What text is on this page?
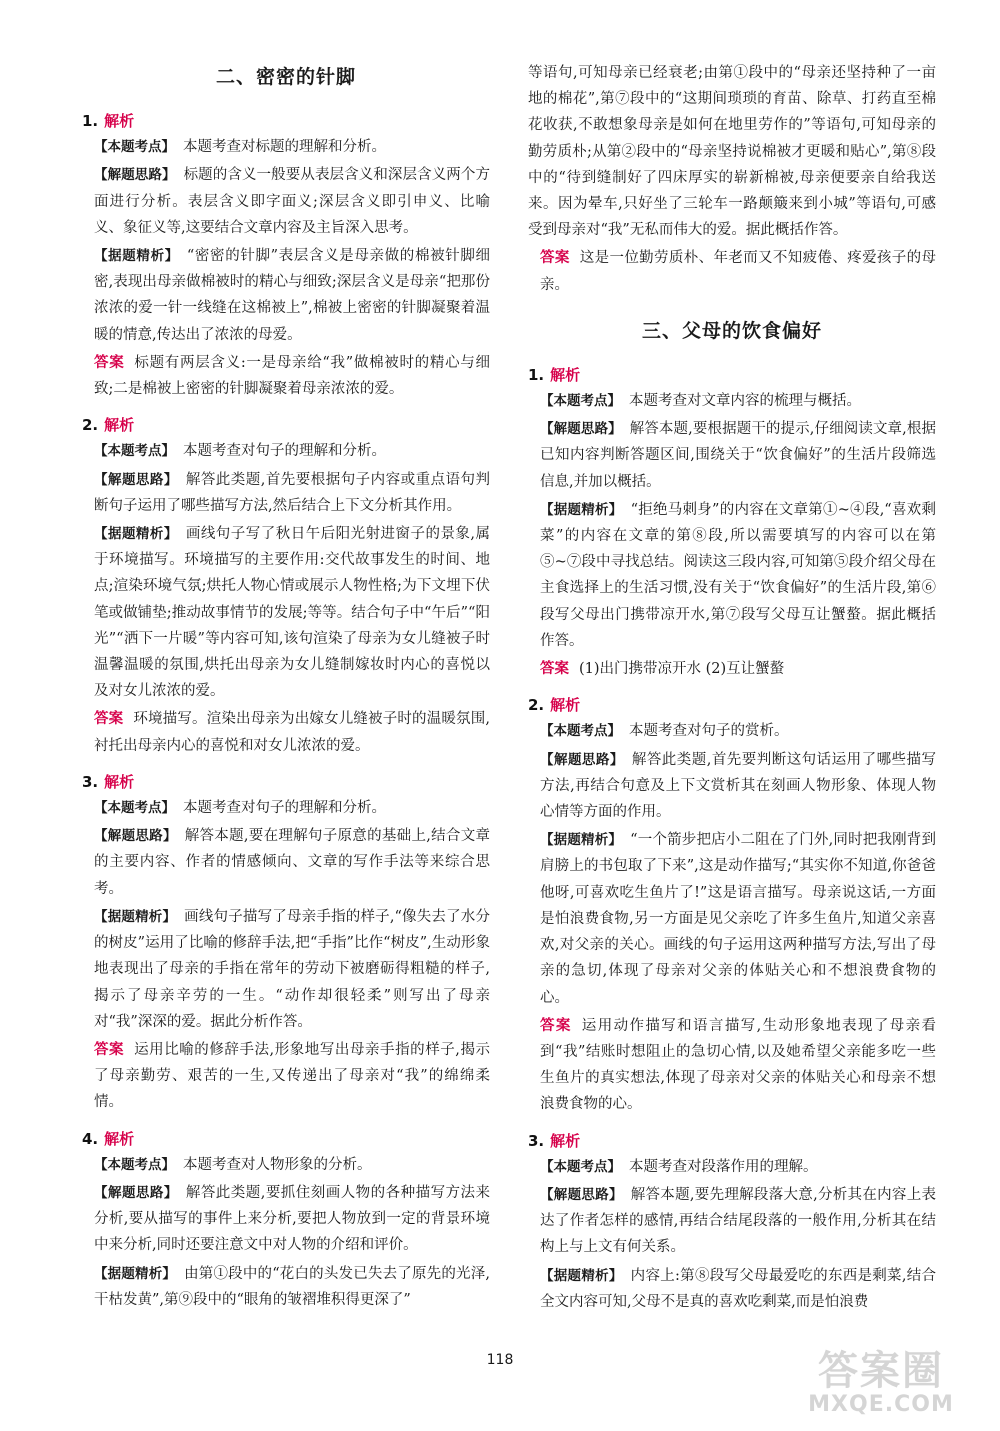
二、密密的针脚
1. 解析
【本题考点】 本题考查对标题的理解和分析。
【解题思路】 标题的含义一般要从表层含义和深层含义两个方面进行分析。表层含义即字面义;深层含义即引申义、比喻义、象征义等,这要结合文章内容及主旨深入思考。
【据题精析】 “密密的针脚”表层含义是母亲做的棉被针脚细密,表现出母亲做棉被时的精心与细致;深层含义是母亲“把那份浓浓的爱一针一线缝在这棉被上”,棉被上密密的针脚凝聚着温暖的情意,传达出了浓浓的母爱。
答案 标题有两层含义:一是母亲给“我”做棉被时的精心与细致;二是棉被上密密的针脚凝聚着母亲浓浓的爱。
2. 解析
【本题考点】 本题考查对句子的理解和分析。
【解题思路】 解答此类题,首先要根据句子内容或重点语句判断句子运用了哪些描写方法,然后结合上下文分析其作用。
【据题精析】 画线句子写了秋日午后阳光射进窗子的景象,属于环境描写。环境描写的主要作用:交代故事发生的时间、地点;渲染环境气氛;烘托人物心情或展示人物性格;为下文埋下伏笔或做铺垫;推动故事情节的发展;等等。结合句子中“午后”“阳光”“洒下一片暖”等内容可知,该句渲染了母亲为女儿缝被子时温馨温暖的氛围,烘托出母亲为女儿缝制嫁妆时内心的喜悦以及对女儿浓浓的爱。
答案 环境描写。渲染出母亲为出嫁女儿缝被子时的温暖氛围,衬托出母亲内心的喜悦和对女儿浓浓的爱。
3. 解析
【本题考点】 本题考查对句子的理解和分析。
【解题思路】 解答本题,要在理解句子原意的基础上,结合文章的主要内容、作者的情感倾向、文章的写作手法等来综合思考。
【据题精析】 画线句子描写了母亲手指的样子,“像失去了水分的树皮”运用了比喻的修辞手法,把“手指”比作“树皮”,生动形象地表现出了母亲的手指在常年的劳动下被磨砺得粗糙的样子,揭示了母亲辛劳的一生。“动作却很轻柔”则写出了母亲对“我”深深的爱。据此分析作答。
答案 运用比喻的修辞手法,形象地写出母亲手指的样子,揭示了母亲勤劳、艰苦的一生,又传递出了母亲对“我”的绵绵柔情。
4. 解析
【本题考点】 本题考查对人物形象的分析。
【解题思路】 解答此类题,要抓住刻画人物的各种描写方法来分析,要从描写的事件上来分析,要把人物放到一定的背景环境中来分析,同时还要注意文中对人物的介绍和评价。
【据题精析】 由第①段中的“花白的头发已失去了原先的光泽,干枯发黄”,第⑨段中的“眼角的皱褶堆积得更深了”
等语句,可知母亲已经衰老;由第①段中的“母亲还坚持种了一亩地的棉花”,第⑦段中的“这期间琐琐的育苗、除草、打药直至棉花收获,不敢想象母亲是如何在地里劳作的”等语句,可知母亲的勤劳质朴;从第②段中的“母亲坚持说棉被才更暖和贴心”,第⑧段中的“待到缝制好了四床厚实的崭新棉被,母亲便要亲自给我送来。因为晕车,只好坐了三轮车一路颠簸来到小城”等语句,可感受到母亲对“我”无私而伟大的爱。据此概括作答。
答案 这是一位勤劳质朴、年老而又不知疲倦、疼爱孩子的母亲。
三、父母的饮食偏好
1. 解析
【本题考点】 本题考查对文章内容的梳理与概括。
【解题思路】 解答本题,要根据题干的提示,仔细阅读文章,根据已知内容判断答题区间,围绕关于“饮食偏好”的生活片段筛选信息,并加以概括。
【据题精析】 “拒绝马刺身”的内容在文章第①~④段,“喜欢剩菜”的内容在文章的第⑧段,所以需要填写的内容可以在第⑤~⑦段中寻找总结。阅读这三段内容,可知第⑤段介绍父母在主食选择上的生活习惯,没有关于“饮食偏好”的生活片段,第⑥段写父母出门携带凉开水,第⑦段写父母互让蟹螯。据此概括作答。
答案 (1)出门携带凉开水 (2)互让蟹螯
2. 解析
【本题考点】 本题考查对句子的赏析。
【解题思路】 解答此类题,首先要判断这句话运用了哪些描写方法,再结合句意及上下文赏析其在刻画人物形象、体现人物心情等方面的作用。
【据题精析】 “一个箭步把店小二阻在了门外,同时把我刚背到肩膀上的书包取了下来”,这是动作描写;“其实你不知道,你爸爸他呀,可喜欢吃生鱼片了!”这是语言描写。母亲说这话,一方面是怕浪费食物,另一方面是见父亲吃了许多生鱼片,知道父亲喜欢,对父亲的关心。画线的句子运用这两种描写方法,写出了母亲的急切,体现了母亲对父亲的体贴关心和不想浪费食物的心。
答案 运用动作描写和语言描写,生动形象地表现了母亲看到“我”结账时想阻止的急切心情,以及她希望父亲能多吃一些生鱼片的真实想法,体现了母亲对父亲的体贴关心和母亲不想浪费食物的心。
3. 解析
【本题考点】 本题考查对段落作用的理解。
【解题思路】 解答本题,要先理解段落大意,分析其在内容上表达了作者怎样的感情,再结合结尾段落的一般作用,分析其在结构上与上文有何关系。
【据题精析】 内容上:第⑧段写父母最爱吃的东西是剩菜,结合全文内容可知,父母不是真的喜欢吃剩菜,而是怕浪费
118	答案圈
MXQE.COM
